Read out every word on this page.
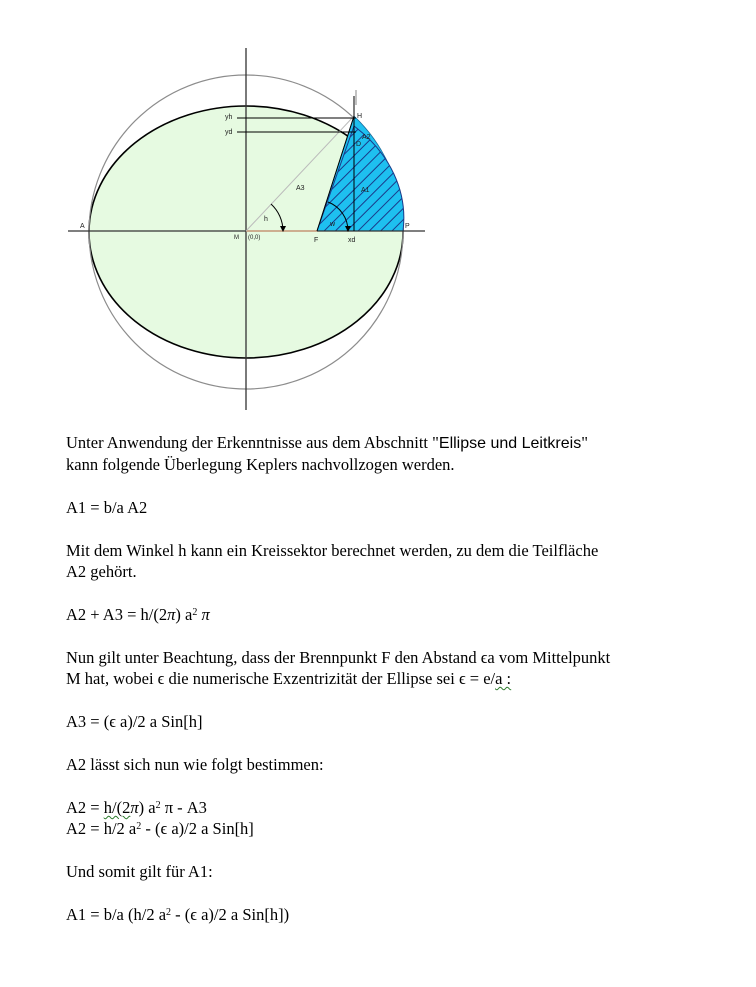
yh
yd
H
A2
D
A3	A1
A
h
w	P
M (0,0)	F	xd

Unter Anwendung der Erkenntnisse aus dem Abschnitt "Ellipse und Leitkreis"

kann folgende Überlegung Keplers nachvollzogen werden.

A1 = b/a A2

Mit dem Winkel h kann ein Kreissektor berechnet werden, zu dem die Teilfläche

A2 gehört.

A2 + A3 = h/(2π) $a^2$ π

Nun gilt unter Beachtung, dass der Brennpunkt F den Abstand ϵa vom Mittelpunkt

M hat, wobei ϵ die numerische Exzentrizität der Ellipse sei ϵ = e/a :

A3 = (ϵ a)/2 a Sin[h]

A2 lässt sich nun wie folgt bestimmen:

A2 = h/(2π) $a^2$ π - A3

A2 = h/2 $a^2 - (\epsilon$ a)/2 a Sin[h]

Und somit gilt für A1:

A1 = b/a (h/2 $a^2 - (\epsilon$ a)/2 a Sin[h])
